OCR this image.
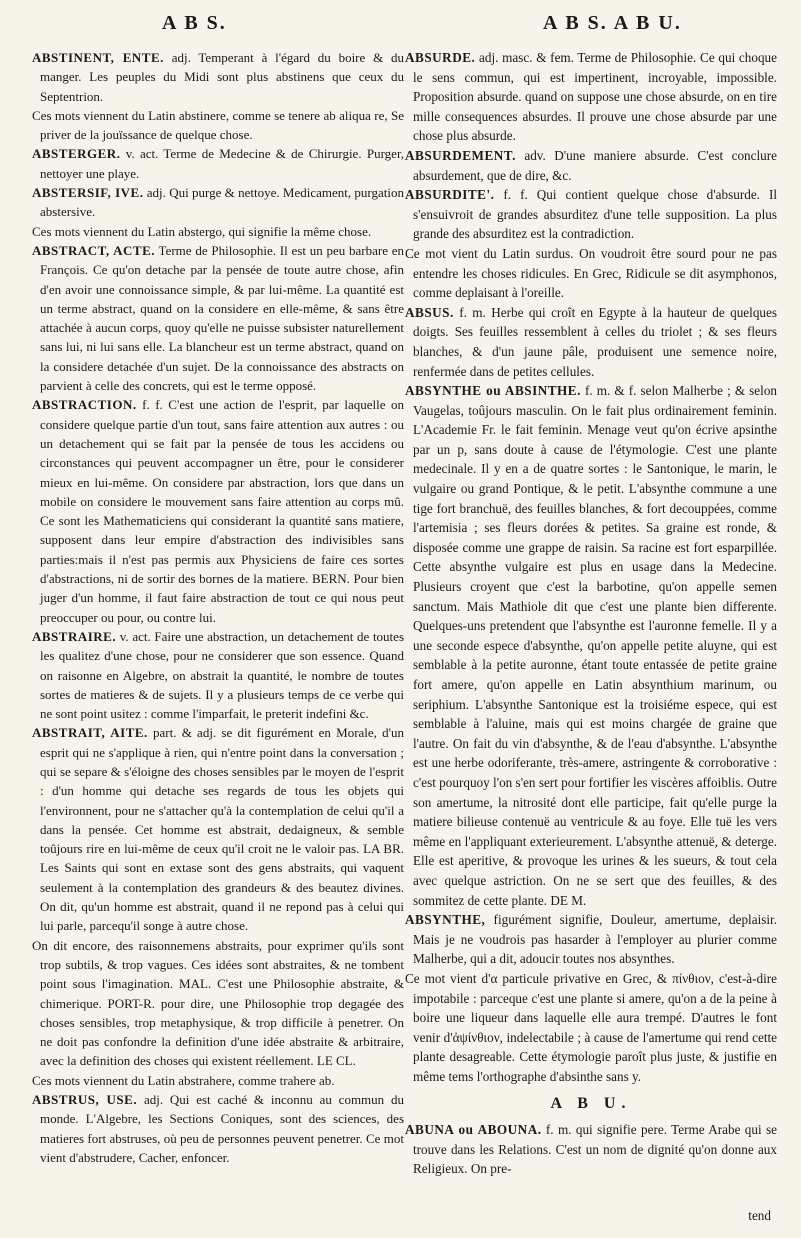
A B S.	A B S. A B U.
ABSTINENT, ENTE. adj. Temperant à l'égard du boire & du manger. Les peuples du Midi sont plus abstinens que ceux du Septentrion.
Ces mots viennent du Latin abstinere, comme se tenere ab aliqua re, Se priver de la jouïssance de quelque chose.
ABSTERGER. v. act. Terme de Medecine & de Chirurgie. Purger, nettoyer une playe.
ABSTERSIF, IVE. adj. Qui purge & nettoye. Medicament, purgation abstersive.
Ces mots viennent du Latin abstergo, qui signifie la même chose.
ABSTRACT, ACTE. Terme de Philosophie. Il est un peu barbare en François. Ce qu'on detache par la pensée de toute autre chose, afin d'en avoir une connoissance simple, & par lui-même. La quantité est un terme abstract, quand on la considere en elle-même, & sans être attachée à aucun corps, quoy qu'elle ne puisse subsister naturellement sans lui, ni lui sans elle. La blancheur est un terme abstract, quand on la considere detachée d'un sujet. De la connoissance des abstracts on parvient à celle des concrets, qui est le terme opposé.
ABSTRACTION. f. f. C'est une action de l'esprit, par laquelle on considere quelque partie d'un tout, sans faire attention aux autres : ou un detachement qui se fait par la pensée de tous les accidens ou circonstances qui peuvent accompagner un être, pour le considerer mieux en lui-même. On considere par abstraction, lors que dans un mobile on considere le mouvement sans faire attention au corps mû. Ce sont les Mathematiciens qui considerant la quantité sans matiere, supposent dans leur empire d'abstraction des indivisibles sans parties:mais il n'est pas permis aux Physiciens de faire ces sortes d'abstractions, ni de sortir des bornes de la matiere. BERN. Pour bien juger d'un homme, il faut faire abstraction de tout ce qui nous peut preoccuper ou pour, ou contre lui.
ABSTRAIRE. v. act. Faire une abstraction, un detachement de toutes les qualitez d'une chose, pour ne considerer que son essence. Quand on raisonne en Algebre, on abstrait la quantité, le nombre de toutes sortes de matieres & de sujets. Il y a plusieurs temps de ce verbe qui ne sont point usitez : comme l'imparfait, le preterit indefini &c.
ABSTRAIT, AITE. part. & adj. se dit figurément en Morale, d'un esprit qui ne s'applique à rien, qui n'entre point dans la conversation ; qui se separe & s'éloigne des choses sensibles par le moyen de l'esprit : d'un homme qui detache ses regards de tous les objets qui l'environnent, pour ne s'attacher qu'à la contemplation de celui qu'il a dans la pensée. Cet homme est abstrait, dedaigneux, & semble toûjours rire en lui-même de ceux qu'il croit ne le valoir pas. LA BR. Les Saints qui sont en extase sont des gens abstraits, qui vaquent seulement à la contemplation des grandeurs & des beautez divines. On dit, qu'un homme est abstrait, quand il ne repond pas à celui qui lui parle, parcequ'il songe à autre chose.
On dit encore, des raisonnemens abstraits, pour exprimer qu'ils sont trop subtils, & trop vagues. Ces idées sont abstraites, & ne tombent point sous l'imagination. MAL. C'est une Philosophie abstraite, & chimerique. PORT-R. pour dire, une Philosophie trop degagée des choses sensibles, trop metaphysique, & trop difficile à penetrer. On ne doit pas confondre la definition d'une idée abstraite & arbitraire, avec la definition des choses qui existent réellement. LE CL.
Ces mots viennent du Latin abstrahere, comme trahere ab.
ABSTRUS, USE. adj. Qui est caché & inconnu au commun du monde. L'Algebre, les Sections Coniques, sont des sciences, des matieres fort abstruses, où peu de personnes peuvent penetrer. Ce mot vient d'abstrudere, Cacher, enfoncer.
ABSURDE. adj. masc. & fem. Terme de Philosophie. Ce qui choque le sens commun, qui est impertinent, incroyable, impossible. Proposition absurde. quand on suppose une chose absurde, on en tire mille consequences absurdes. Il prouve une chose absurde par une chose plus absurde.
ABSURDEMENT. adv. D'une maniere absurde. C'est conclure absurdement, que de dire, &c.
ABSURDITE'. f. f. Qui contient quelque chose d'absurde. Il s'ensuivroit de grandes absurditez d'une telle supposition. La plus grande des absurditez est la contradiction.
Ce mot vient du Latin surdus. On voudroit être sourd pour ne pas entendre les choses ridicules. En Grec, Ridicule se dit asymphonos, comme deplaisant à l'oreille.
ABSUS. f. m. Herbe qui croît en Egypte à la hauteur de quelques doigts. Ses feuilles ressemblent à celles du triolet ; & ses fleurs blanches, & d'un jaune pâle, produisent une semence noire, renfermée dans de petites cellules.
ABSYNTHE ou ABSINTHE. f. m. & f. selon Malherbe ; & selon Vaugelas, toûjours masculin. On le fait plus ordinairement feminin. L'Academie Fr. le fait feminin. Menage veut qu'on écrive apsinthe par un p, sans doute à cause de l'étymologie. C'est une plante medecinale. Il y en a de quatre sortes : le Santonique, le marin, le vulgaire ou grand Pontique, & le petit. L'absynthe commune a une tige fort branchuë, des feuilles blanches, & fort decouppées, comme l'artemisia ; ses fleurs dorées & petites. Sa graine est ronde, & disposée comme une grappe de raisin. Sa racine est fort esparpillée. Cette absynthe vulgaire est plus en usage dans la Medecine. Plusieurs croyent que c'est la barbotine, qu'on appelle semen sanctum. Mais Mathiole dit que c'est une plante bien differente. Quelques-uns pretendent que l'absynthe est l'auronne femelle. Il y a une seconde espece d'absynthe, qu'on appelle petite aluyne, qui est semblable à la petite auronne, étant toute entassée de petite graine fort amere, qu'on appelle en Latin absynthium marinum, ou seriphium. L'absynthe Santonique est la troisiéme espece, qui est semblable à l'aluine, mais qui est moins chargée de graine que l'autre. On fait du vin d'absynthe, & de l'eau d'absynthe. L'absynthe est une herbe odoriferante, très-amere, astringente & corroborative : c'est pourquoy l'on s'en sert pour fortifier les viscères affoiblis. Outre son amertume, la nitrosité dont elle participe, fait qu'elle purge la matiere bilieuse contenuë au ventricule & au foye. Elle tuë les vers même en l'appliquant exterieurement. L'absynthe attenuë, & deterge. Elle est aperitive, & provoque les urines & les sueurs, & tout cela avec quelque astriction. On ne se sert que des feuilles, & des sommitez de cette plante. DE M.
ABSYNTHE, figurément signifie, Douleur, amertume, deplaisir. Mais je ne voudrois pas hasarder à l'employer au plurier comme Malherbe, qui a dit, adoucir toutes nos absynthes.
Ce mot vient d'α particule privative en Grec, & πίνθιον, c'est-à-dire impotabile : parceque c'est une plante si amere, qu'on a de la peine à boire une liqueur dans laquelle elle aura trempé. D'autres le font venir d'ἀψίνθιον, indelectabile ; à cause de l'amertume qui rend cette plante desagreable. Cette étymologie paroît plus juste, & justifie en même tems l'orthographe d'absinthe sans y.
A B U.
ABUNA ou ABOUNA. f. m. qui signifie pere. Terme Arabe qui se trouve dans les Relations. C'est un nom de dignité qu'on donne aux Religieux. On pre-
tend
